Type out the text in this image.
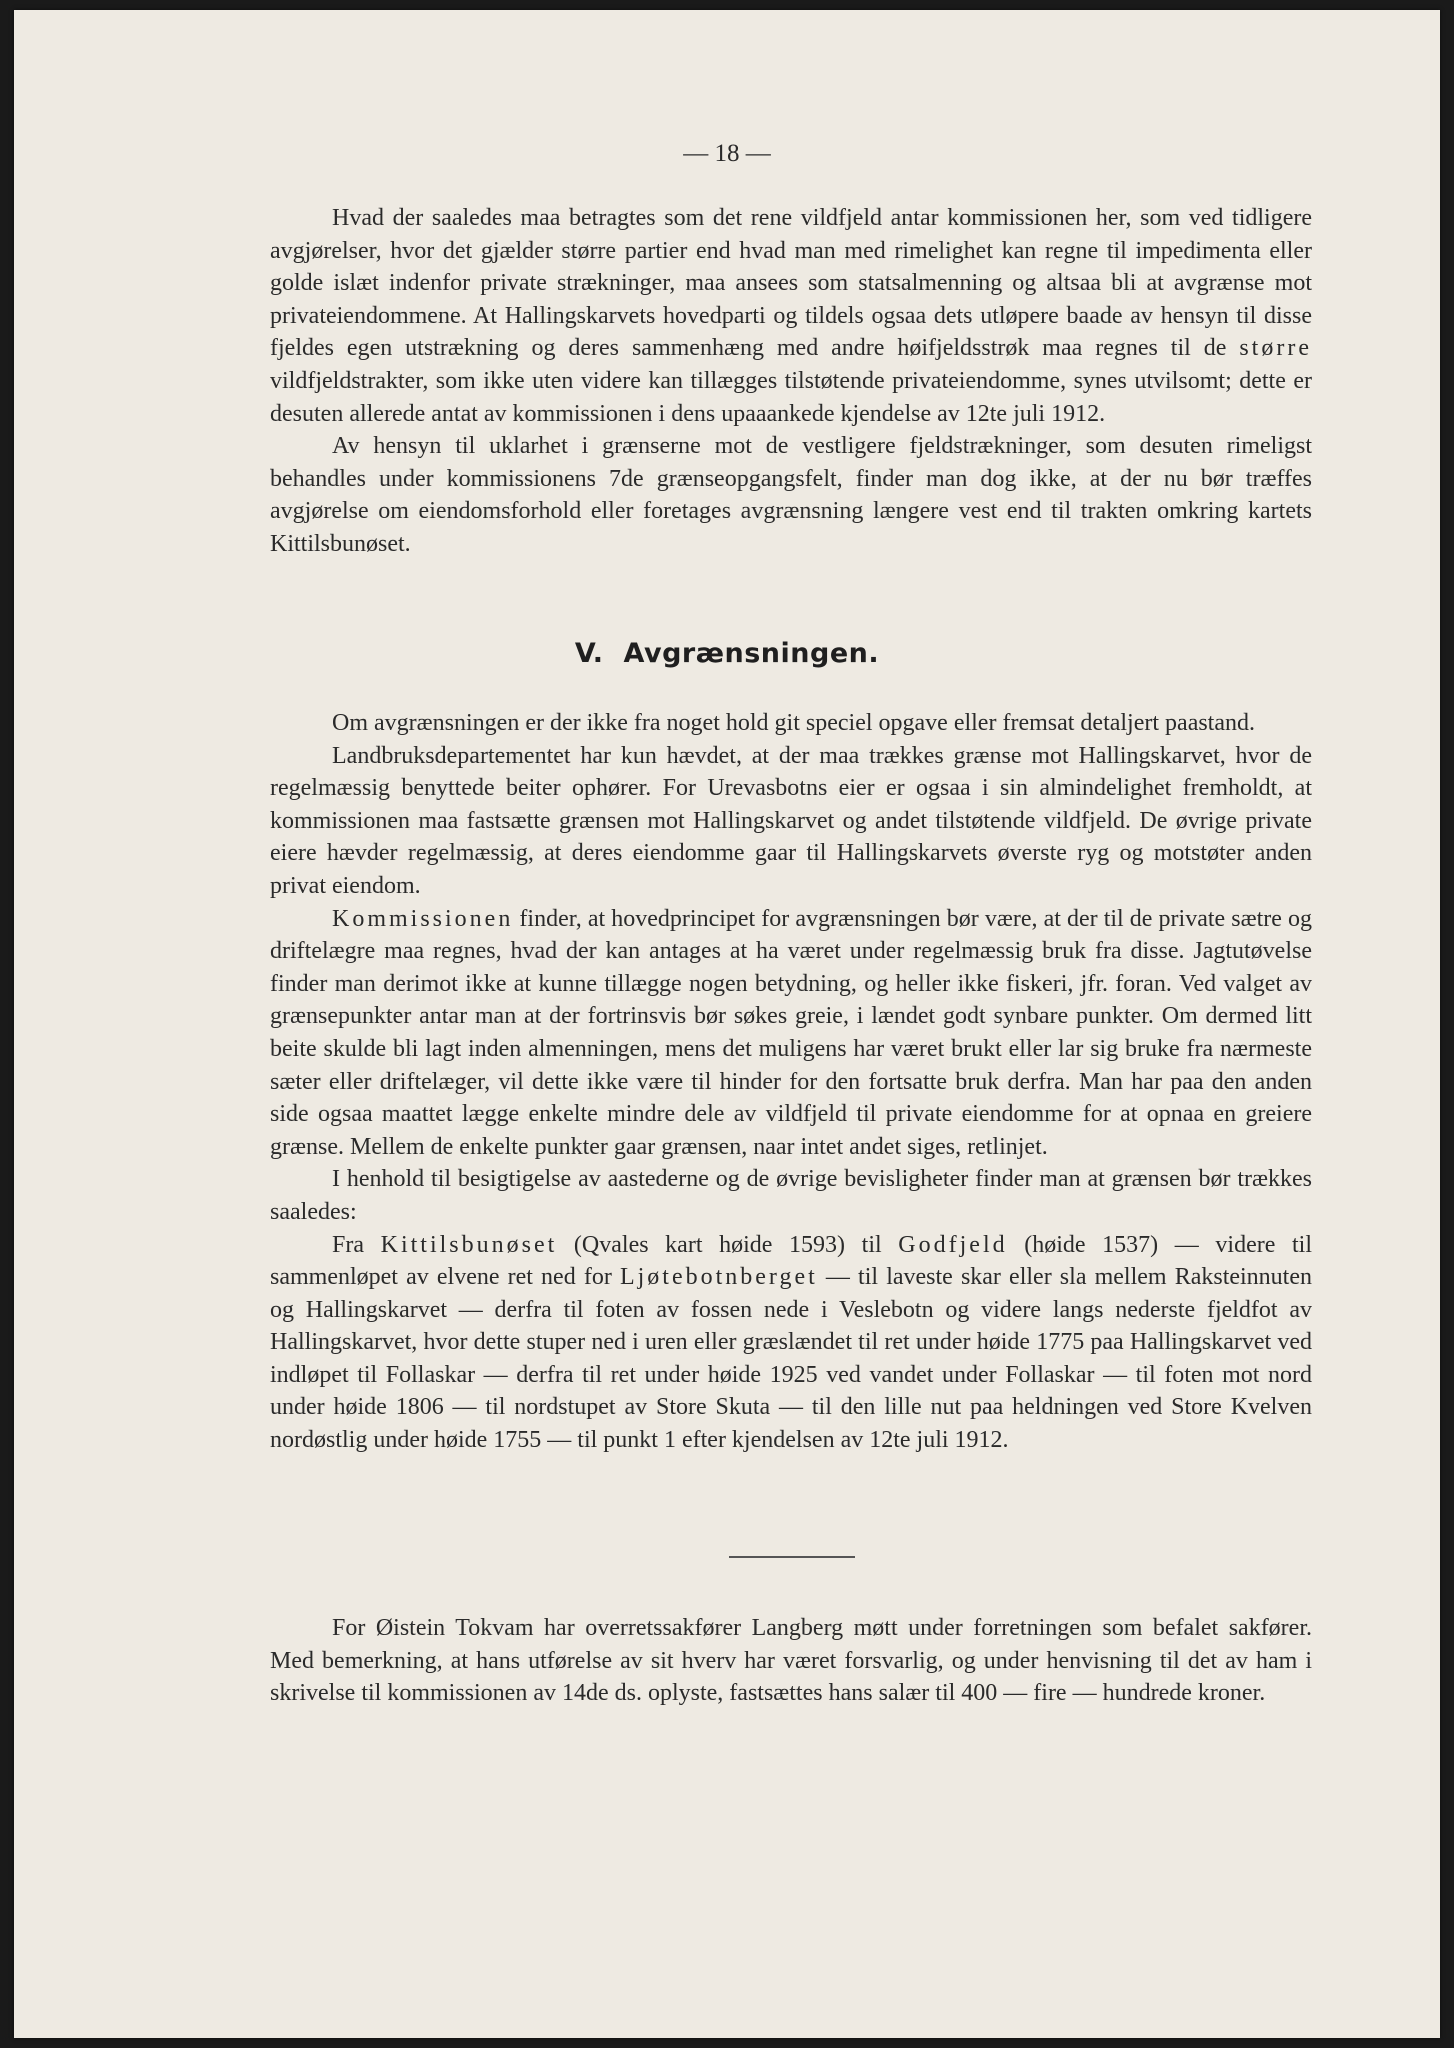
— 18 —

Hvad der saaledes maa betragtes som det rene vildfjeld antar kommissionen her, som ved tidligere avgjørelser, hvor det gjælder større partier end hvad man med rimelighet kan regne til impedimenta eller golde islæt indenfor private strækninger, maa ansees som statsalmenning og altsaa bli at avgrænse mot privateiendommene. At Hallingskarvets hovedparti og tildels ogsaa dets utløpere baade av hensyn til disse fjeldes egen utstrækning og deres sammenhæng med andre høifjeldsstrøk maa regnes til de større vildfjeldstrakter, som ikke uten videre kan tillægges tilstøtende privateiendomme, synes utvilsomt; dette er desuten allerede antat av kommissionen i dens upaaankede kjendelse av 12te juli 1912.

Av hensyn til uklarhet i grænserne mot de vestligere fjeldstrækninger, som desuten rimeligst behandles under kommissionens 7de grænseopgangsfelt, finder man dog ikke, at der nu bør træffes avgjørelse om eiendomsforhold eller foretages avgrænsning længere vest end til trakten omkring kartets Kittilsbunøset.

V. Avgrænsningen.

Om avgrænsningen er der ikke fra noget hold git speciel opgave eller fremsat detaljert paastand.

Landbruksdepartementet har kun hævdet, at der maa trækkes grænse mot Hallingskarvet, hvor de regelmæssig benyttede beiter ophører. For Urevasbotns eier er ogsaa i sin almindelighet fremholdt, at kommissionen maa fastsætte grænsen mot Hallingskarvet og andet tilstøtende vildfjeld. De øvrige private eiere hævder regelmæssig, at deres eiendomme gaar til Hallingskarvets øverste ryg og motstøter anden privat eiendom.

Kommissionen finder, at hovedprincipet for avgrænsningen bør være, at der til de private sætre og driftelægre maa regnes, hvad der kan antages at ha været under regelmæssig bruk fra disse. Jagtutøvelse finder man derimot ikke at kunne tillægge nogen betydning, og heller ikke fiskeri, jfr. foran. Ved valget av grænsepunkter antar man at der fortrinsvis bør søkes greie, i lændet godt synbare punkter. Om dermed litt beite skulde bli lagt inden almenningen, mens det muligens har været brukt eller lar sig bruke fra nærmeste sæter eller driftelæger, vil dette ikke være til hinder for den fortsatte bruk derfra. Man har paa den anden side ogsaa maattet lægge enkelte mindre dele av vildfjeld til private eiendomme for at opnaa en greiere grænse. Mellem de enkelte punkter gaar grænsen, naar intet andet siges, retlinjet.

I henhold til besigtigelse av aastederne og de øvrige bevisligheter finder man at grænsen bør trækkes saaledes:

Fra Kittilsbunøset (Qvales kart høide 1593) til Godfjeld (høide 1537) — videre til sammenløpet av elvene ret ned for Ljøtebotnberget — til laveste skar eller sla mellem Raksteinnuten og Hallingskarvet — derfra til foten av fossen nede i Veslebotn og videre langs nederste fjeldfot av Hallingskarvet, hvor dette stuper ned i uren eller græslændet til ret under høide 1775 paa Hallingskarvet ved indløpet til Follaskar — derfra til ret under høide 1925 ved vandet under Follaskar — til foten mot nord under høide 1806 — til nordstupet av Store Skuta — til den lille nut paa heldningen ved Store Kvelven nordøstlig under høide 1755 — til punkt 1 efter kjendelsen av 12te juli 1912.

For Øistein Tokvam har overretssakfører Langberg møtt under forretningen som befalet sakfører. Med bemerkning, at hans utførelse av sit hverv har været forsvarlig, og under henvisning til det av ham i skrivelse til kommissionen av 14de ds. oplyste, fastsættes hans salær til 400 — fire — hundrede kroner.
